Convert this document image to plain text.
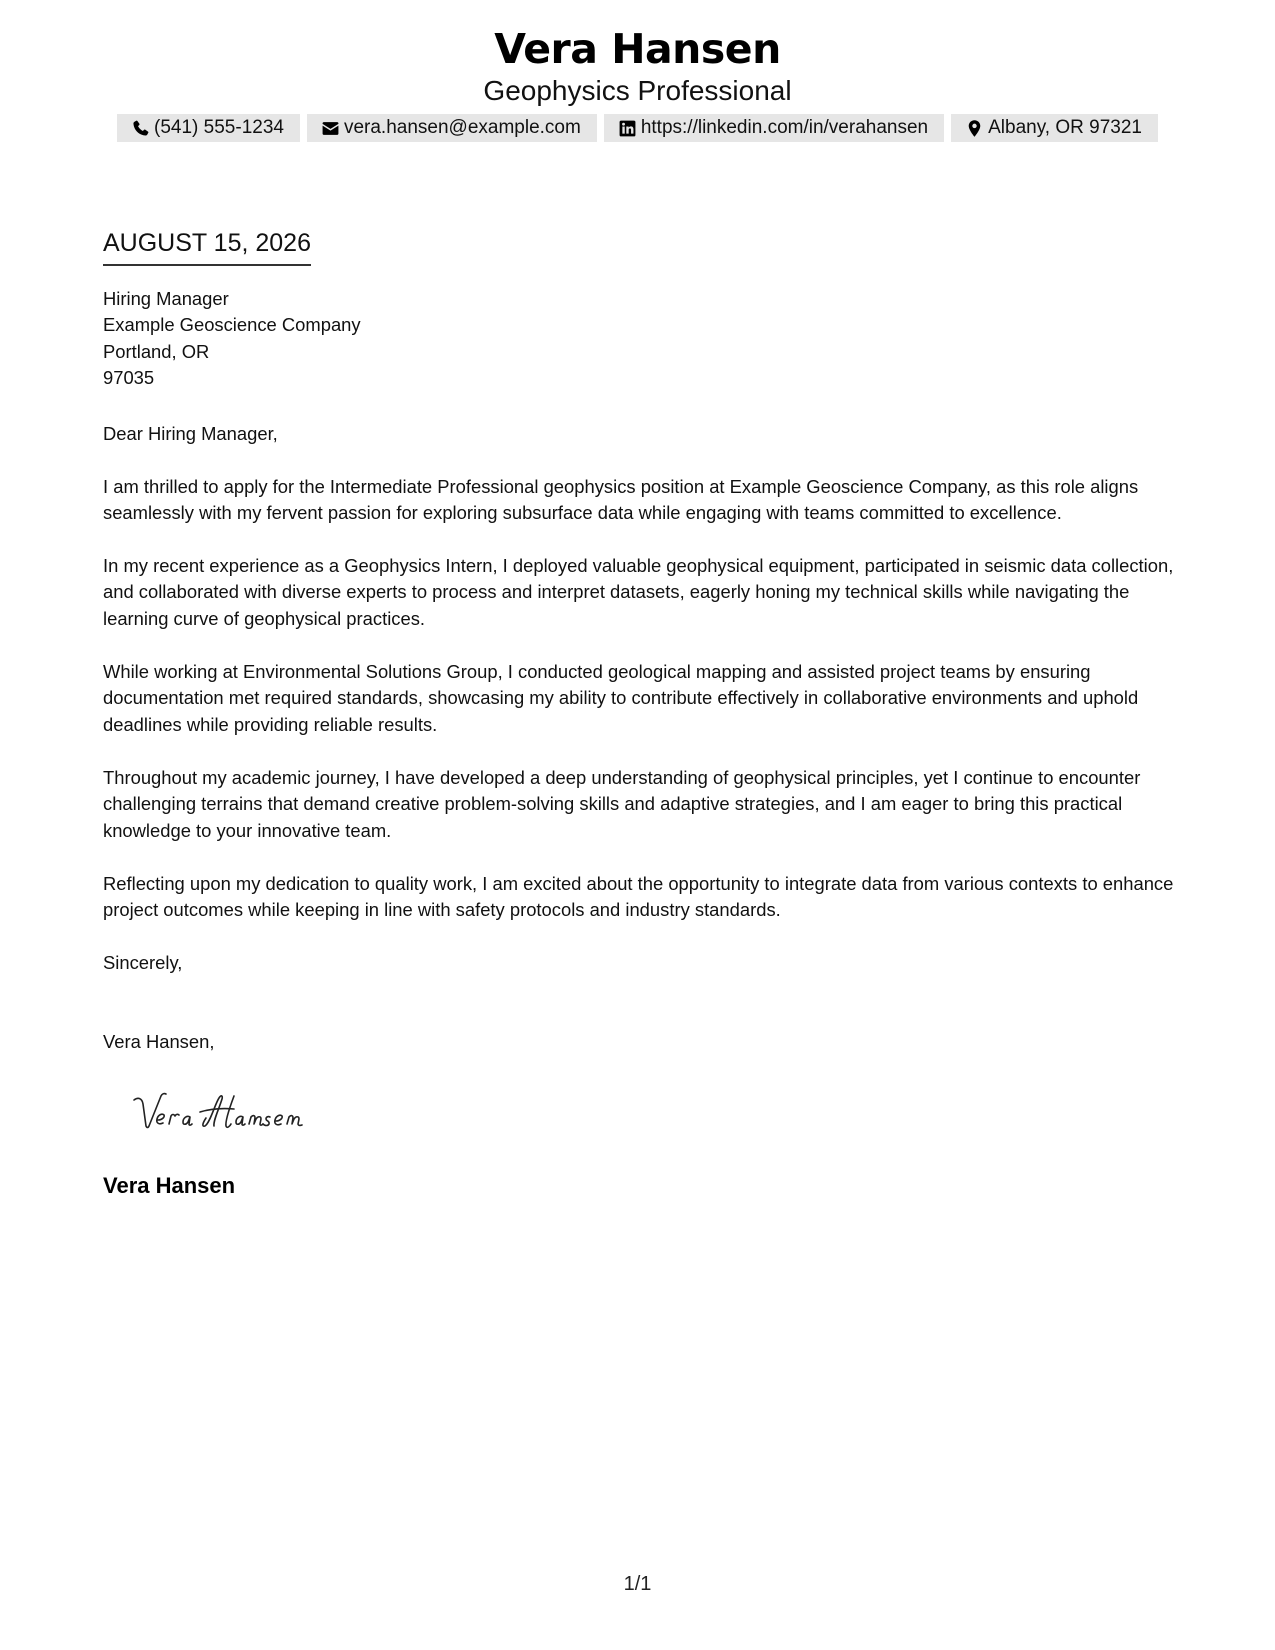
Vera Hansen
Geophysics Professional
(541) 555-1234	vera.hansen@example.com	https://linkedin.com/in/verahansen	Albany, OR 97321
AUGUST 15, 2026
Hiring Manager
Example Geoscience Company
Portland, OR
97035
Dear Hiring Manager,
I am thrilled to apply for the Intermediate Professional geophysics position at Example Geoscience Company, as this role aligns seamlessly with my fervent passion for exploring subsurface data while engaging with teams committed to excellence.
In my recent experience as a Geophysics Intern, I deployed valuable geophysical equipment, participated in seismic data collection, and collaborated with diverse experts to process and interpret datasets, eagerly honing my technical skills while navigating the learning curve of geophysical practices.
While working at Environmental Solutions Group, I conducted geological mapping and assisted project teams by ensuring documentation met required standards, showcasing my ability to contribute effectively in collaborative environments and uphold deadlines while providing reliable results.
Throughout my academic journey, I have developed a deep understanding of geophysical principles, yet I continue to encounter challenging terrains that demand creative problem-solving skills and adaptive strategies, and I am eager to bring this practical knowledge to your innovative team.
Reflecting upon my dedication to quality work, I am excited about the opportunity to integrate data from various contexts to enhance project outcomes while keeping in line with safety protocols and industry standards.
Sincerely,
Vera Hansen,
Vera Hansen
1/1
